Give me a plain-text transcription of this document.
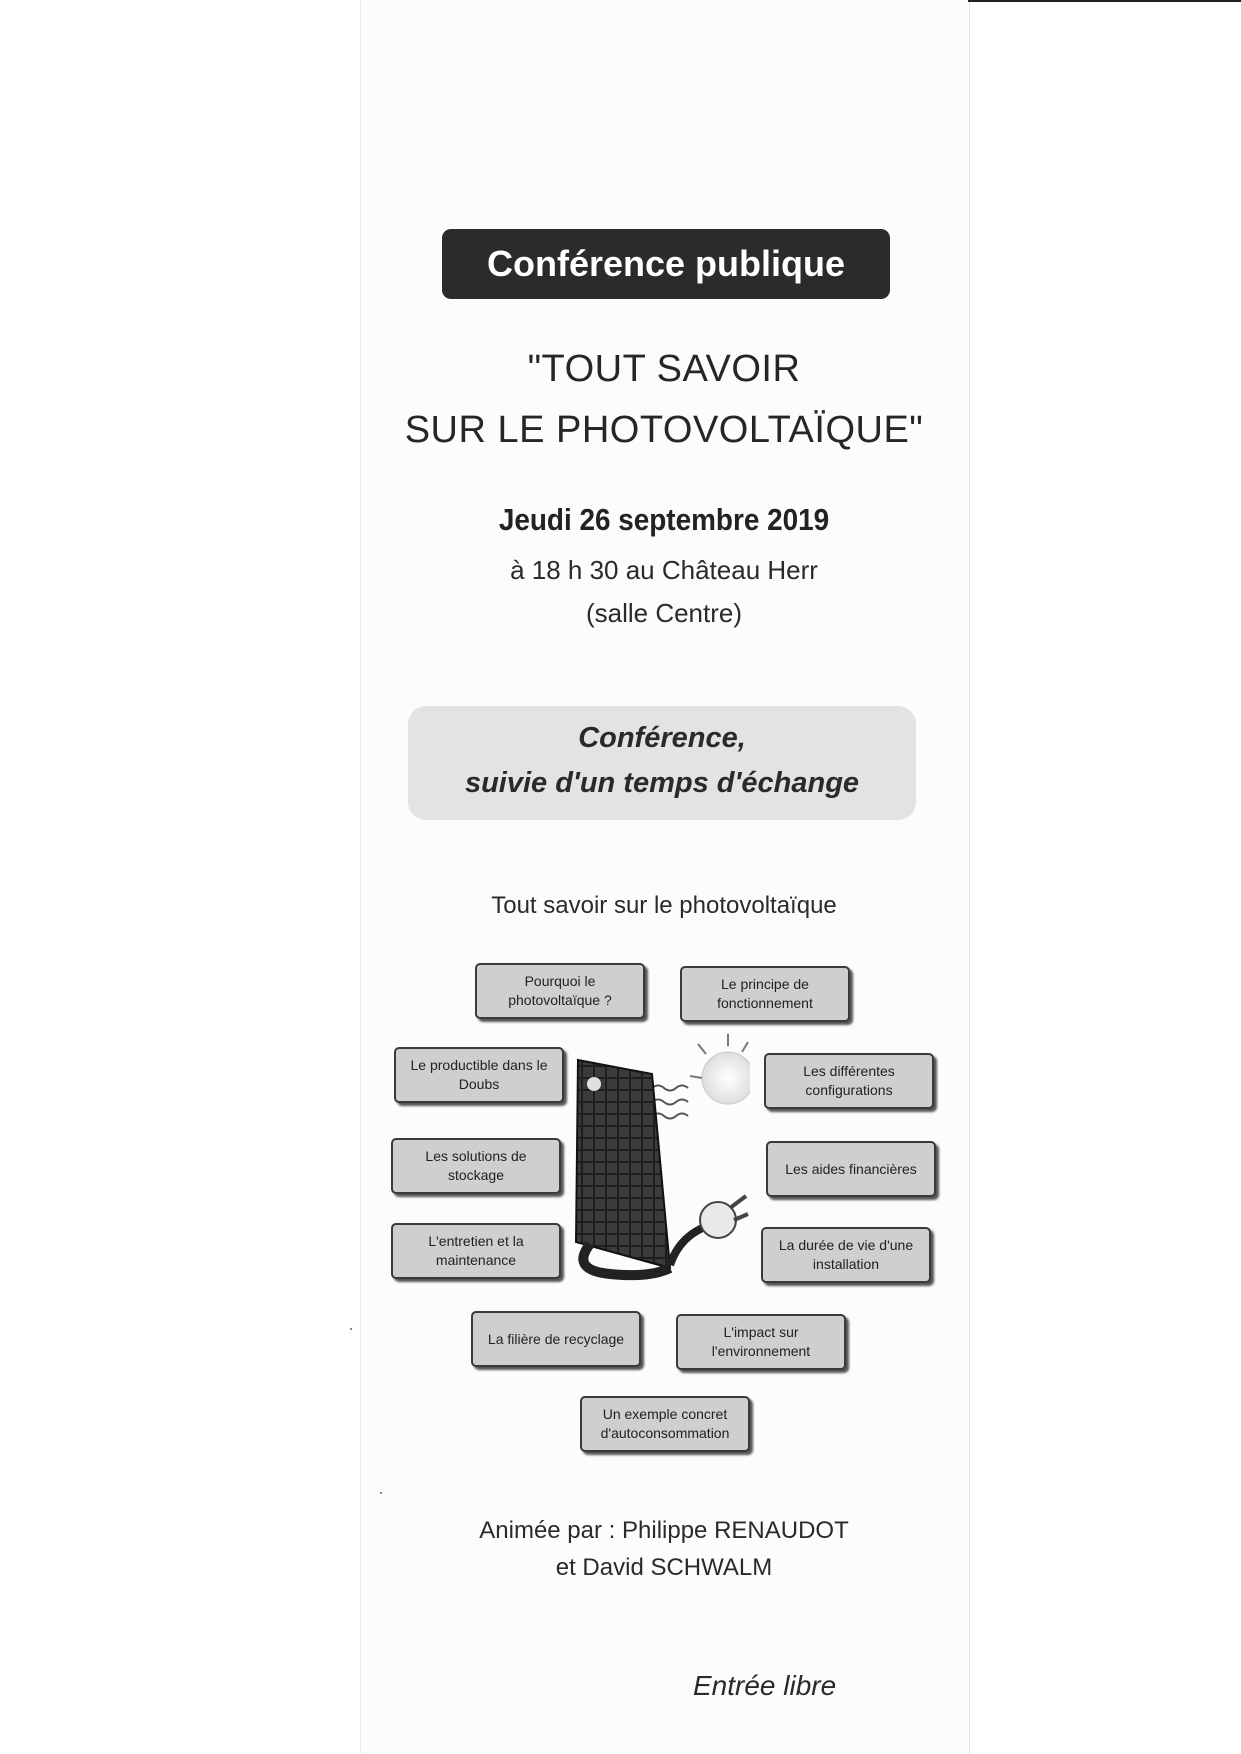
Conférence publique
"TOUT SAVOIR
SUR LE PHOTOVOLTAÏQUE"
Jeudi 26 septembre 2019
à 18 h 30 au Château Herr
(salle Centre)
Conférence,
suivie d'un temps d'échange
Tout savoir sur le photovoltaïque
Pourquoi le photovoltaïque ?
Le principe de fonctionnement
Le productible dans le Doubs
Les différentes configurations
Les solutions de stockage	Les aides financières
L'entretien et la maintenance
La durée de vie d'une installation
La filière de recyclage	L'impact sur l'environnement
Un exemple concret d'autoconsommation
Animée par : Philippe RENAUDOT
et David SCHWALM
Entrée libre
